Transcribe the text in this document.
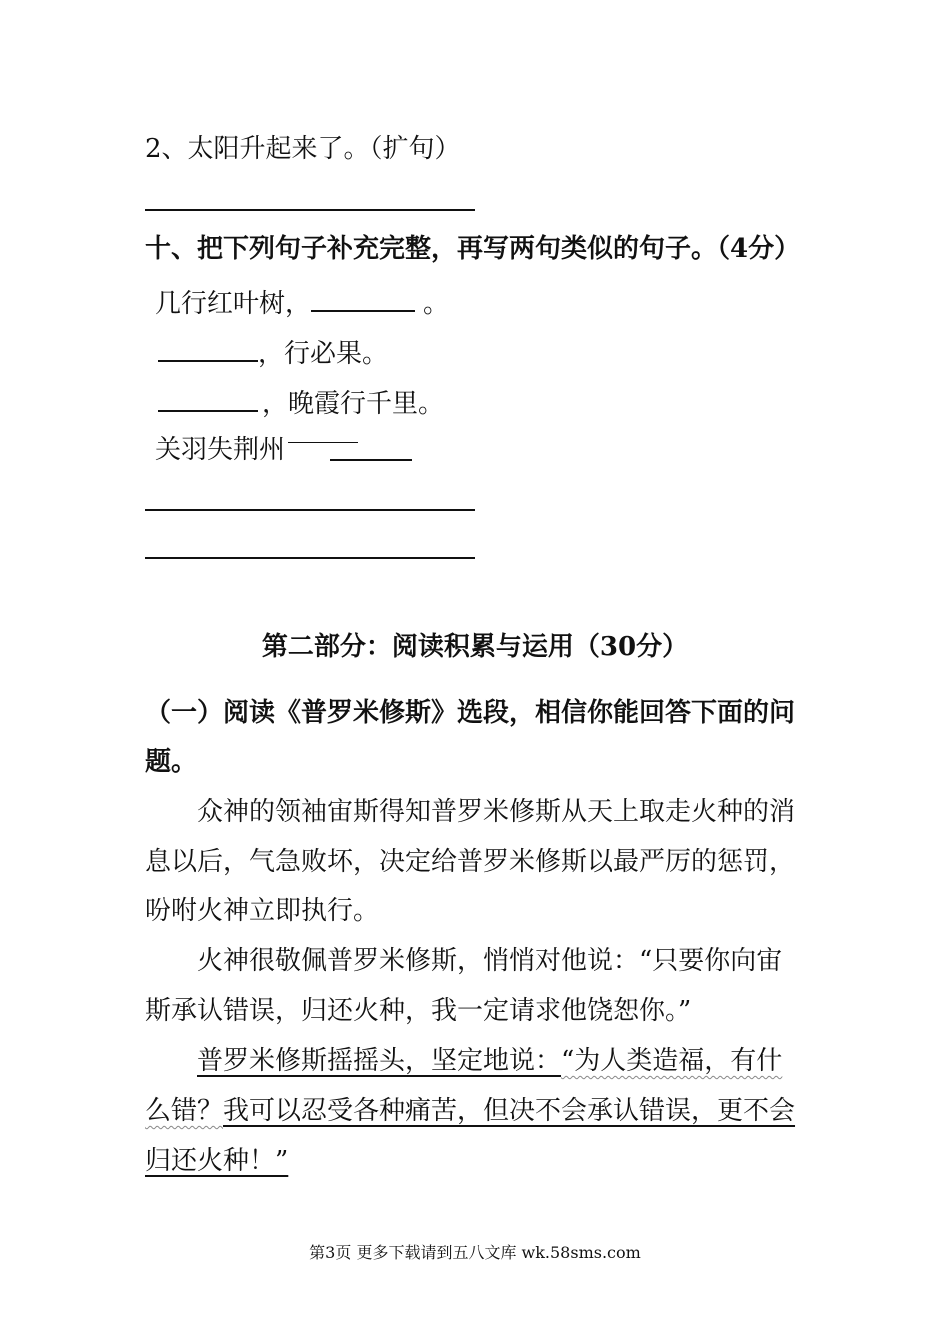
2、太阳升起来了。（扩句）
十、把下列句子补充完整，再写两句类似的句子。（4分）
几行红叶树，	。
，行必果。
，晚霞行千里。
关羽失荆州
第二部分：阅读积累与运用（30分）
（一）阅读《普罗米修斯》选段，相信你能回答下面的问
题。
众神的领袖宙斯得知普罗米修斯从天上取走火种的消
息以后，气急败坏，决定给普罗米修斯以最严厉的惩罚，
吩咐火神立即执行。
火神很敬佩普罗米修斯，悄悄对他说：“只要你向宙
斯承认错误，归还火种，我一定请求他饶恕你。”
普罗米修斯摇摇头，坚定地说：“为人类造福，有什
么错？我可以忍受各种痛苦，但决不会承认错误，更不会
归还火种！”
第3页 更多下载请到五八文库 wk.58sms.com
